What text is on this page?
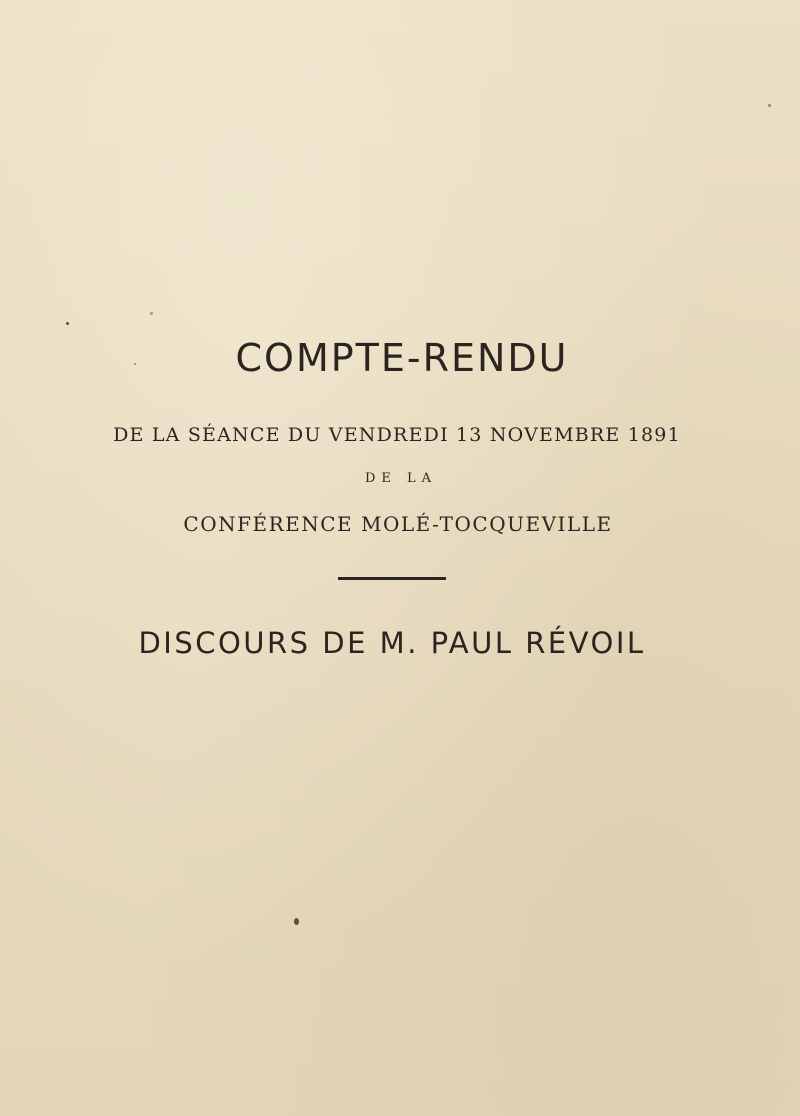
COMPTE-RENDU
DE LA SÉANCE DU VENDREDI 13 NOVEMBRE 1891
DE LA
CONFÉRENCE MOLÉ-TOCQUEVILLE
DISCOURS DE M. PAUL RÉVOIL
